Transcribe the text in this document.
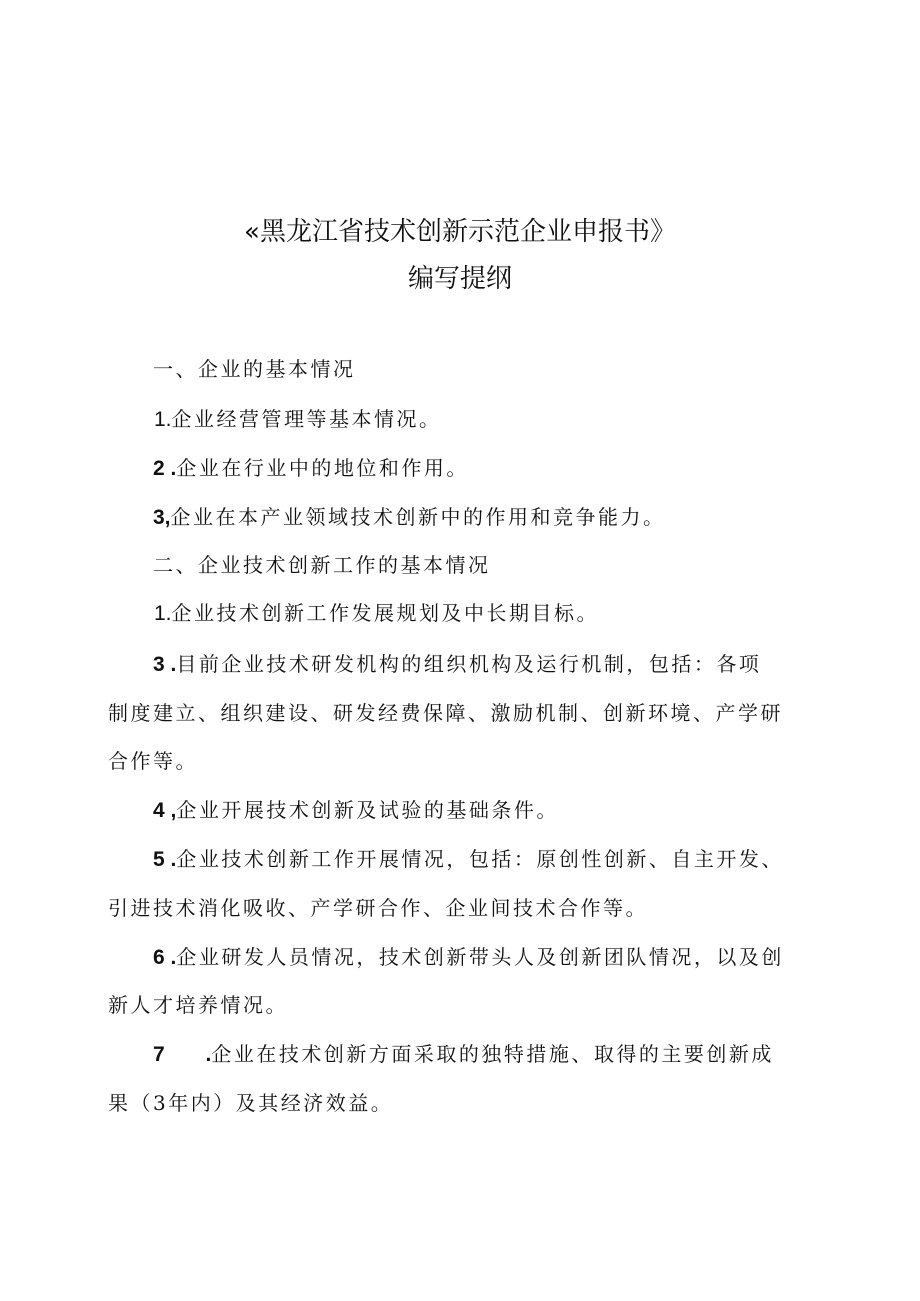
«黑龙江省技术创新示范企业申报书》
编写提纲
一、企业的基本情况
1.企业经营管理等基本情况。
2 .企业在行业中的地位和作用。
3,企业在本产业领域技术创新中的作用和竞争能力。
二、企业技术创新工作的基本情况
1.企业技术创新工作发展规划及中长期目标。
3 .目前企业技术研发机构的组织机构及运行机制，包括：各项
制度建立、组织建设、研发经费保障、激励机制、创新环境、产学研
合作等。
4 ,企业开展技术创新及试验的基础条件。
5 .企业技术创新工作开展情况，包括：原创性创新、自主开发、
引进技术消化吸收、产学研合作、企业间技术合作等。
6 .企业研发人员情况，技术创新带头人及创新团队情况，以及创
新人才培养情况。
7       .企业在技术创新方面采取的独特措施、取得的主要创新成
果（3年内）及其经济效益。
